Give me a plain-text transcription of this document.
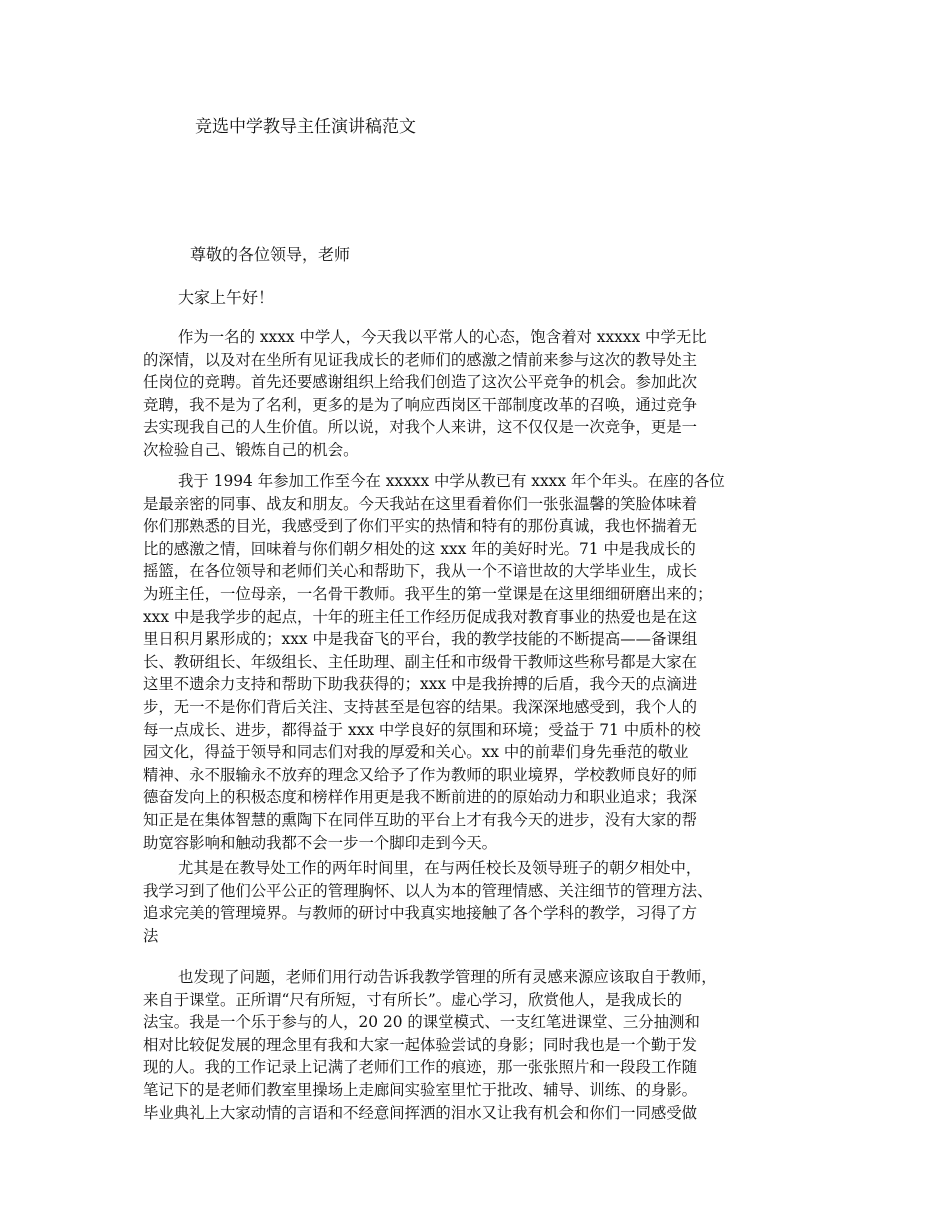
竞选中学教导主任演讲稿范文
尊敬的各位领导，老师
大家上午好！
作为一名的 xxxx 中学人，今天我以平常人的心态，饱含着对 xxxxx 中学无比
的深情，以及对在坐所有见证我成长的老师们的感激之情前来参与这次的教导处主
任岗位的竞聘。首先还要感谢组织上给我们创造了这次公平竞争的机会。参加此次
竞聘，我不是为了名利，更多的是为了响应西岗区干部制度改革的召唤，通过竞争
去实现我自己的人生价值。所以说，对我个人来讲，这不仅仅是一次竞争，更是一
次检验自己、锻炼自己的机会。
我于 1994 年参加工作至今在 xxxxx 中学从教已有 xxxx 年个年头。在座的各位
是最亲密的同事、战友和朋友。今天我站在这里看着你们一张张温馨的笑脸体味着
你们那熟悉的目光，我感受到了你们平实的热情和特有的那份真诚，我也怀揣着无
比的感激之情，回味着与你们朝夕相处的这 xxx 年的美好时光。71 中是我成长的
摇篮，在各位领导和老师们关心和帮助下，我从一个不谙世故的大学毕业生，成长
为班主任，一位母亲，一名骨干教师。我平生的第一堂课是在这里细细研磨出来的；
xxx 中是我学步的起点，十年的班主任工作经历促成我对教育事业的热爱也是在这
里日积月累形成的；xxx 中是我奋飞的平台，我的教学技能的不断提高——备课组
长、教研组长、年级组长、主任助理、副主任和市级骨干教师这些称号都是大家在
这里不遗余力支持和帮助下助我获得的；xxx 中是我拚搏的后盾，我今天的点滴进
步，无一不是你们背后关注、支持甚至是包容的结果。我深深地感受到，我个人的
每一点成长、进步，都得益于 xxx 中学良好的氛围和环境；受益于 71 中质朴的校
园文化，得益于领导和同志们对我的厚爱和关心。xx 中的前辈们身先垂范的敬业
精神、永不服输永不放弃的理念又给予了作为教师的职业境界，学校教师良好的师
德奋发向上的积极态度和榜样作用更是我不断前进的的原始动力和职业追求；我深
知正是在集体智慧的熏陶下在同伴互助的平台上才有我今天的进步，没有大家的帮
助宽容影响和触动我都不会一步一个脚印走到今天。
尤其是在教导处工作的两年时间里，在与两任校长及领导班子的朝夕相处中，
我学习到了他们公平公正的管理胸怀、以人为本的管理情感、关注细节的管理方法、
追求完美的管理境界。与教师的研讨中我真实地接触了各个学科的教学，习得了方
法
也发现了问题，老师们用行动告诉我教学管理的所有灵感来源应该取自于教师，
来自于课堂。正所谓“尺有所短，寸有所长”。虚心学习，欣赏他人，是我成长的
法宝。我是一个乐于参与的人，20 20 的课堂模式、一支红笔进课堂、三分抽测和
相对比较促发展的理念里有我和大家一起体验尝试的身影；同时我也是一个勤于发
现的人。我的工作记录上记满了老师们工作的痕迹，那一张张照片和一段段工作随
笔记下的是老师们教室里操场上走廊间实验室里忙于批改、辅导、训练、的身影。
毕业典礼上大家动情的言语和不经意间挥洒的泪水又让我有机会和你们一同感受做
